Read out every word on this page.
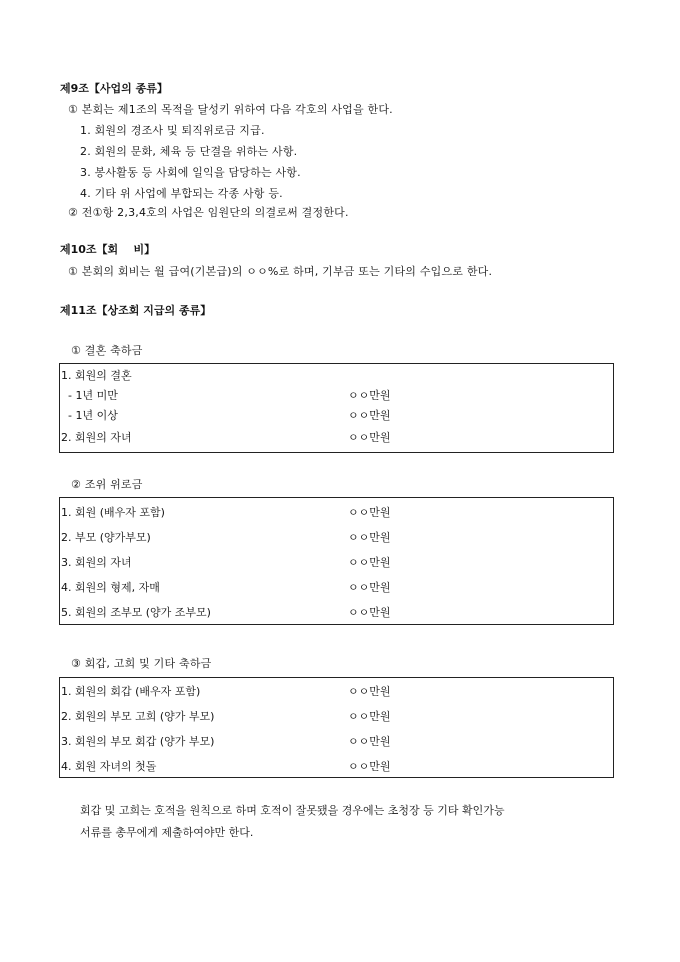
제9조【사업의 종류】
① 본회는 제1조의 목적을 달성키 위하여 다음 각호의 사업을 한다.
1. 회원의 경조사 및 퇴직위로금 지급.
2. 회원의 문화, 체육 등 단결을 위하는 사항.
3. 봉사활동 등 사회에 일익을 담당하는 사항.
4. 기타 위 사업에 부합되는 각종 사항 등.
② 전①항 2,3,4호의 사업은 임원단의 의결로써 결정한다.
제10조【회    비】
① 본회의 회비는 월 급여(기본급)의 ㅇㅇ%로 하며, 기부금 또는 기타의 수입으로 한다.
제11조【상조회 지급의 종류】
① 결혼 축하금
1. 회원의 결혼
- 1년 미만	ㅇㅇ만원
- 1년 이상	ㅇㅇ만원
2. 회원의 자녀	ㅇㅇ만원
② 조위 위로금
1. 회원 (배우자 포함)	ㅇㅇ만원
2. 부모 (양가부모)	ㅇㅇ만원
3. 회원의 자녀	ㅇㅇ만원
4. 회원의 형제, 자매	ㅇㅇ만원
5. 회원의 조부모 (양가 조부모)	ㅇㅇ만원
③ 회갑, 고희 및 기타 축하금
1. 회원의 회갑 (배우자 포함)	ㅇㅇ만원
2. 회원의 부모 고희 (양가 부모)	ㅇㅇ만원
3. 회원의 부모 회갑 (양가 부모)	ㅇㅇ만원
4. 회원 자녀의 첫돌	ㅇㅇ만원
회갑 및 고희는 호적을 원칙으로 하며 호적이 잘못됐을 경우에는 초청장 등 기타 확인가능
서류를 총무에게 제출하여야만 한다.
